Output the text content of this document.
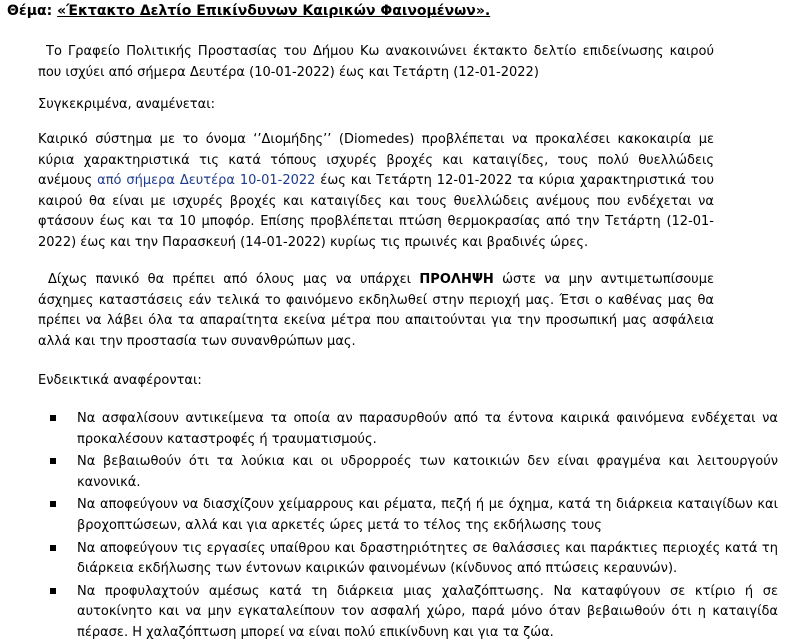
Θέμα: «Έκτακτο Δελτίο Επικίνδυνων Καιρικών Φαινομένων».

Το Γραφείο Πολιτικής Προστασίας του Δήμου Κω ανακοινώνει έκτακτο δελτίο επιδείνωσης καιρού που ισχύει από σήμερα Δευτέρα (10-01-2022) έως και Τετάρτη (12-01-2022)

Συγκεκριμένα, αναμένεται:

Καιρικό σύστημα με το όνομα ‘’Διομήδης’’ (Diomedes) προβλέπεται να προκαλέσει κακοκαιρία με κύρια χαρακτηριστικά τις κατά τόπους ισχυρές βροχές και καταιγίδες, τους πολύ θυελλώδεις ανέμους από σήμερα Δευτέρα 10-01-2022 έως και Τετάρτη 12-01-2022 τα κύρια χαρακτηριστικά του καιρού θα είναι με ισχυρές βροχές και καταιγίδες και τους θυελλώδεις ανέμους που ενδέχεται να φτάσουν έως και τα 10 μποφόρ. Επίσης προβλέπεται πτώση θερμοκρασίας από την Τετάρτη (12-01-2022) έως και την Παρασκευή (14-01-2022) κυρίως τις πρωινές και βραδινές ώρες.

Δίχως πανικό θα πρέπει από όλους μας να υπάρχει ΠΡΟΛΗΨΗ ώστε να μην αντιμετωπίσουμε άσχημες καταστάσεις εάν τελικά το φαινόμενο εκδηλωθεί στην περιοχή μας. Έτσι ο καθένας μας θα πρέπει να λάβει όλα τα απαραίτητα εκείνα μέτρα που απαιτούνται για την προσωπική μας ασφάλεια αλλά και την προστασία των συνανθρώπων μας.

Ενδεικτικά αναφέρονται:

Να ασφαλίσουν αντικείμενα τα οποία αν παρασυρθούν από τα έντονα καιρικά φαινόμενα ενδέχεται να προκαλέσουν καταστροφές ή τραυματισμούς.
Να βεβαιωθούν ότι τα λούκια και οι υδρορροές των κατοικιών δεν είναι φραγμένα και λειτουργούν κανονικά.
Να αποφεύγουν να διασχίζουν χείμαρρους και ρέματα, πεζή ή με όχημα, κατά τη διάρκεια καταιγίδων και βροχοπτώσεων, αλλά και για αρκετές ώρες μετά το τέλος της εκδήλωσης τους
Να αποφεύγουν τις εργασίες υπαίθρου και δραστηριότητες σε θαλάσσιες και παράκτιες περιοχές κατά τη διάρκεια εκδήλωσης των έντονων καιρικών φαινομένων (κίνδυνος από πτώσεις κεραυνών).
Να προφυλαχτούν αμέσως κατά τη διάρκεια μιας χαλαζόπτωσης. Να καταφύγουν σε κτίριο ή σε αυτοκίνητο και να μην εγκαταλείπουν τον ασφαλή χώρο, παρά μόνο όταν βεβαιωθούν ότι η καταιγίδα πέρασε. Η χαλαζόπτωση μπορεί να είναι πολύ επικίνδυνη και για τα ζώα.
